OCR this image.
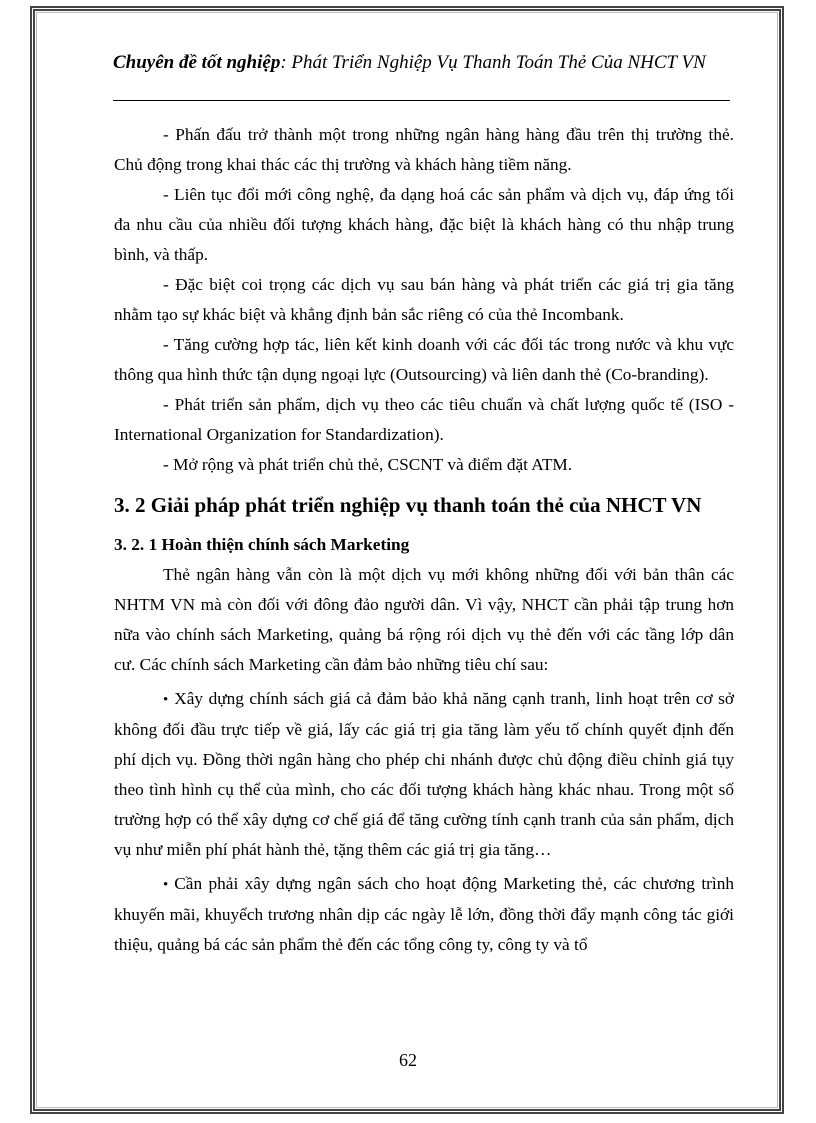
Chuyên đề tốt nghiệp: Phát Triển Nghiệp Vụ Thanh Toán Thẻ Của NHCT VN

- Phấn đấu trở thành một trong những ngân hàng hàng đầu trên thị trường thẻ. Chủ động trong khai thác các thị trường và khách hàng tiềm năng.

- Liên tục đổi mới công nghệ, đa dạng hoá các sản phẩm và dịch vụ, đáp ứng tối đa nhu cầu của nhiều đối tượng khách hàng, đặc biệt là khách hàng có thu nhập trung bình, và thấp.

- Đặc biệt coi trọng các dịch vụ sau bán hàng và phát triển các giá trị gia tăng nhằm tạo sự khác biệt và khẳng định bản sắc riêng có của thẻ Incombank.

- Tăng cường hợp tác, liên kết kinh doanh với các đối tác trong nước và khu vực thông qua hình thức tận dụng ngoại lực (Outsourcing) và liên danh thẻ (Co-branding).

- Phát triển sản phẩm, dịch vụ theo các tiêu chuẩn và chất lượng quốc tế (ISO - International Organization for Standardization).

- Mở rộng và phát triển chủ thẻ, CSCNT và điểm đặt ATM.

3. 2 Giải pháp phát triển nghiệp vụ thanh toán thẻ của NHCT VN

3. 2. 1 Hoàn thiện chính sách Marketing

Thẻ ngân hàng vẫn còn là một dịch vụ mới không những đối với bản thân các NHTM VN mà còn đối với đông đảo người dân. Vì vậy, NHCT cần phải tập trung hơn nữa vào chính sách Marketing, quảng bá rộng rói dịch vụ thẻ đến với các tầng lớp dân cư. Các chính sách Marketing cần đảm bảo những tiêu chí sau:

• Xây dựng chính sách giá cả đảm bảo khả năng cạnh tranh, linh hoạt trên cơ sở không đối đầu trực tiếp về giá, lấy các giá trị gia tăng làm yếu tố chính quyết định đến phí dịch vụ. Đồng thời ngân hàng cho phép chi nhánh được chủ động điều chỉnh giá tụy theo tình hình cụ thể của mình, cho các đối tượng khách hàng khác nhau. Trong một số trường hợp có thể xây dựng cơ chế giá để tăng cường tính cạnh tranh của sản phẩm, dịch vụ như miễn phí phát hành thẻ, tặng thêm các giá trị gia tăng…

• Cần phải xây dựng ngân sách cho hoạt động Marketing thẻ, các chương trình khuyến mãi, khuyếch trương nhân dịp các ngày lễ lớn, đồng thời đẩy mạnh công tác giới thiệu, quảng bá các sản phẩm thẻ đến các tổng công ty, công ty và tổ

62
